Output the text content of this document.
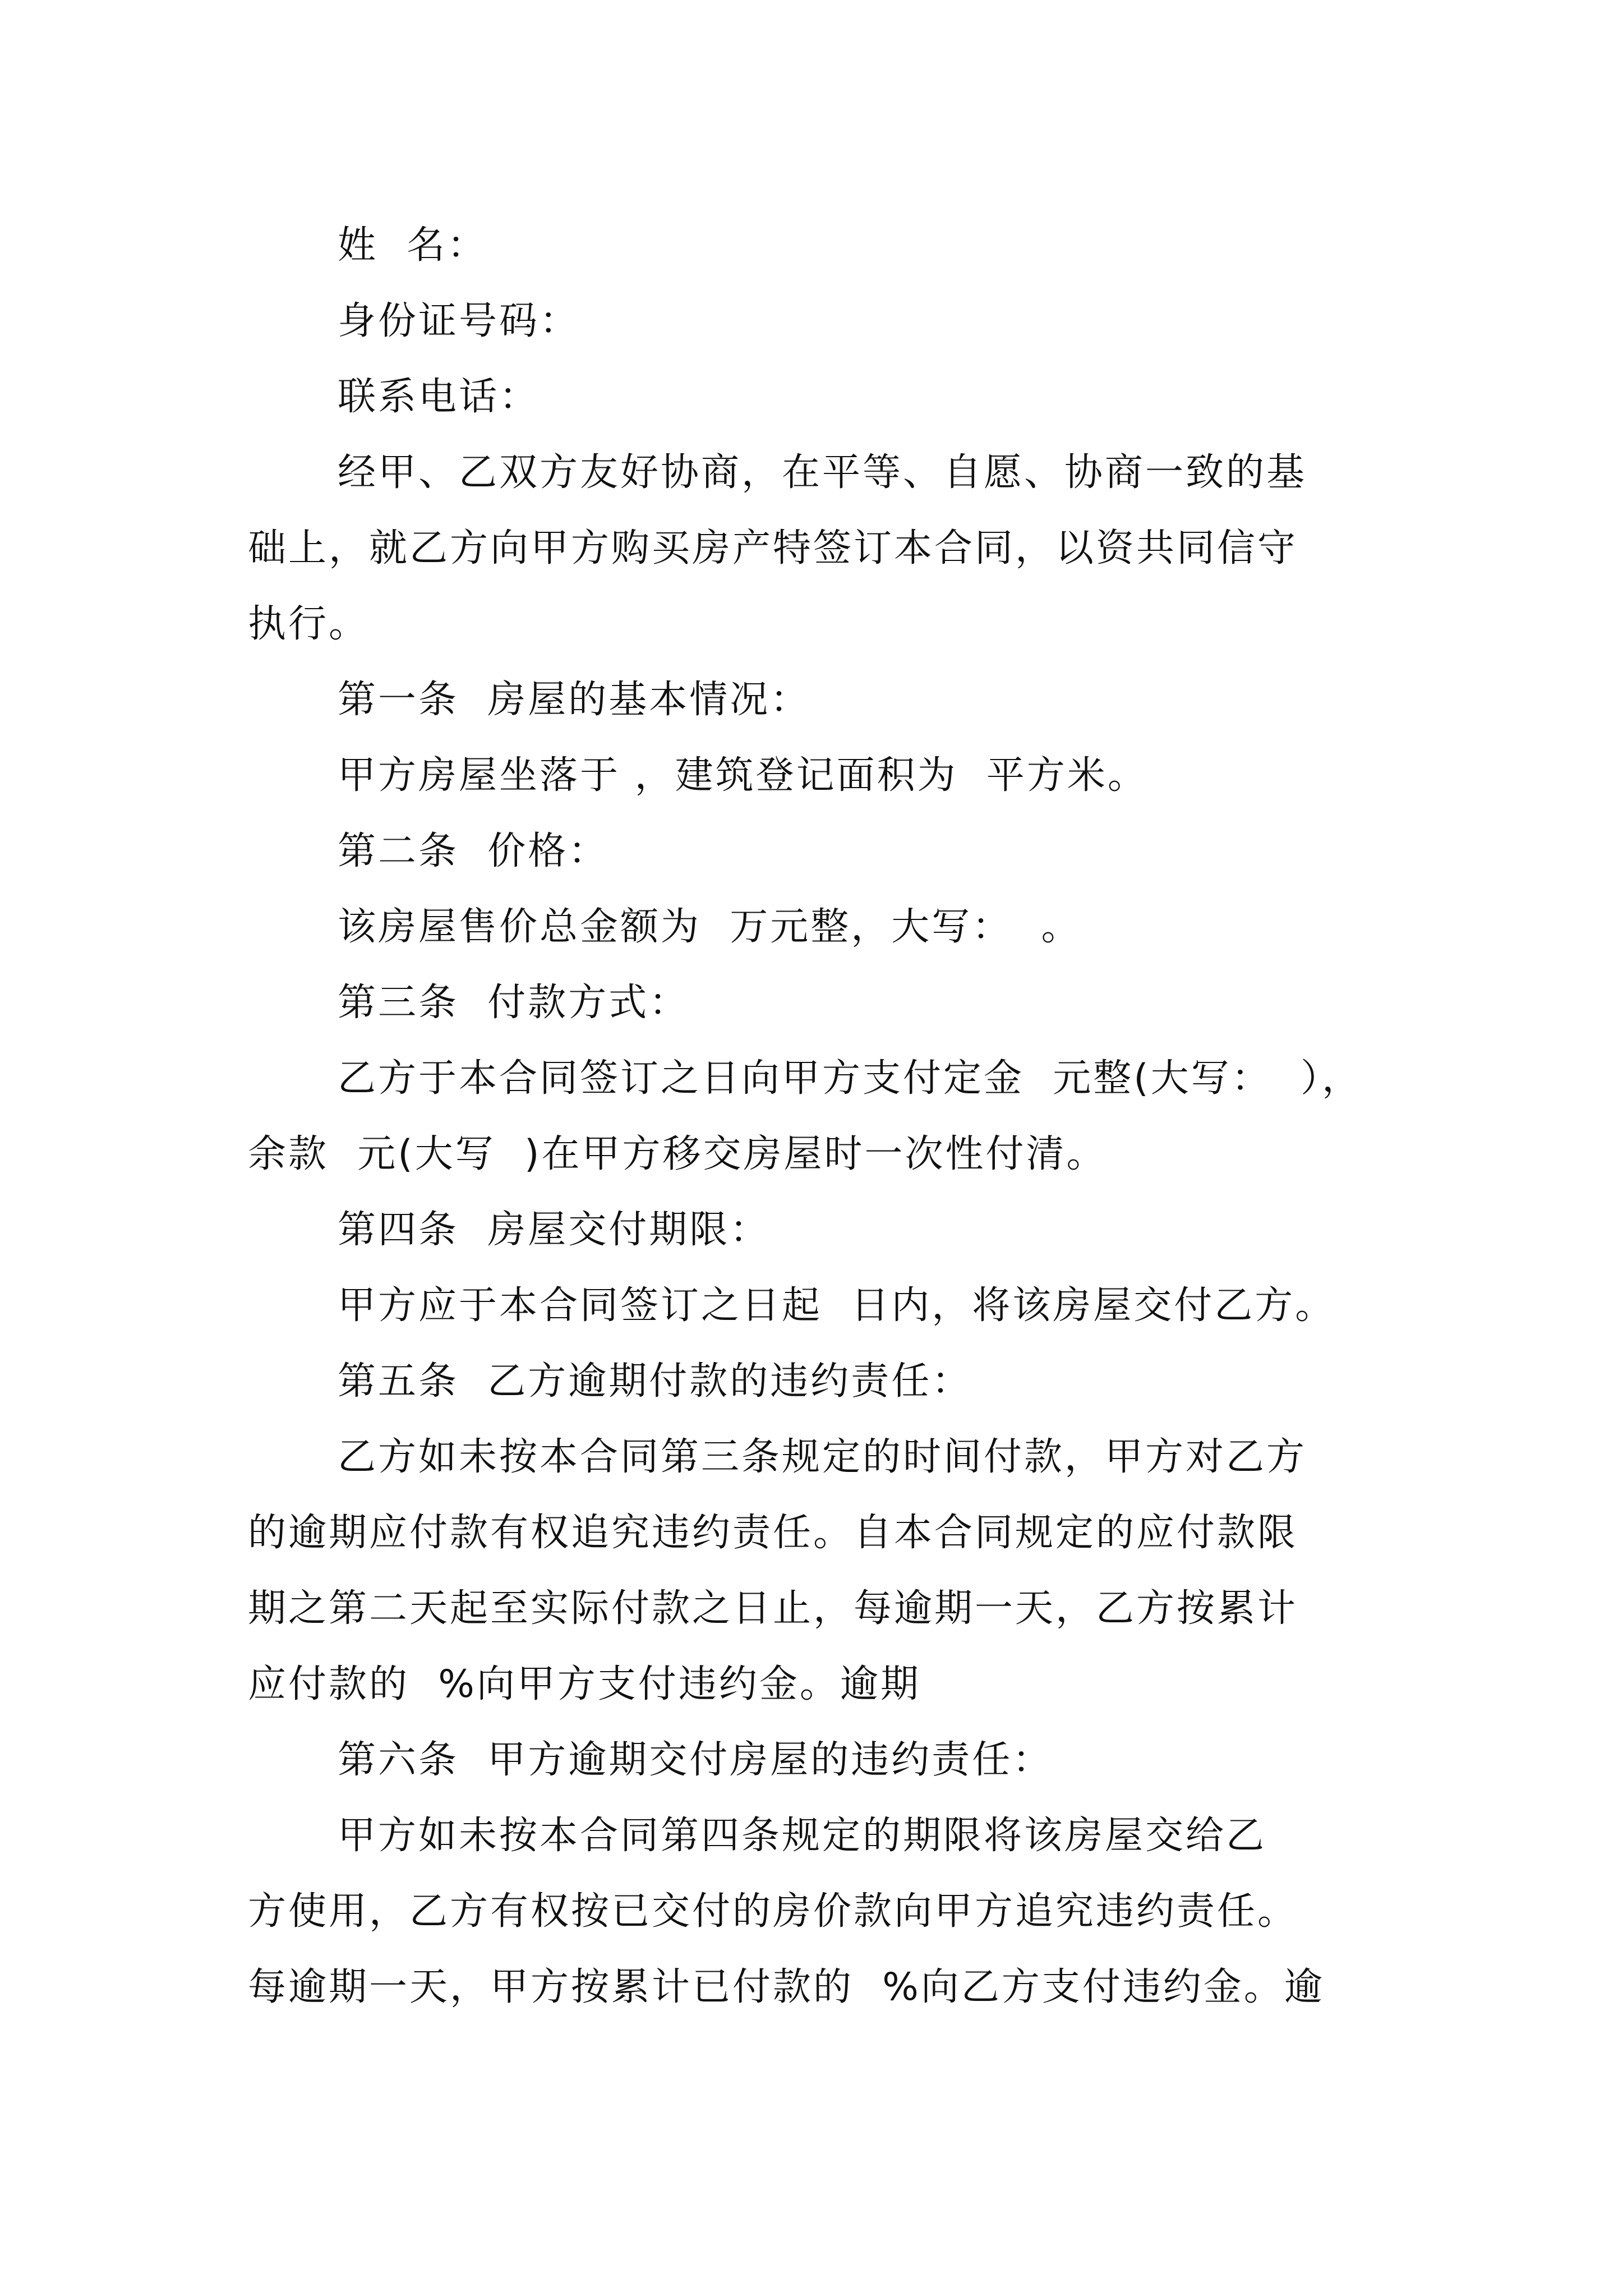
姓  名：
身份证号码：
联系电话：
经甲、乙双方友好协商，在平等、自愿、协商一致的基
础上，就乙方向甲方购买房产特签订本合同，以资共同信守
执行。
第一条  房屋的基本情况：
甲方房屋坐落于 ，建筑登记面积为  平方米。
第二条  价格：
该房屋售价总金额为  万元整，大写：  。
第三条  付款方式：
乙方于本合同签订之日向甲方支付定金  元整(大写：  ），
余款  元(大写  )在甲方移交房屋时一次性付清。
第四条  房屋交付期限：
甲方应于本合同签订之日起  日内，将该房屋交付乙方。
第五条  乙方逾期付款的违约责任：
乙方如未按本合同第三条规定的时间付款，甲方对乙方
的逾期应付款有权追究违约责任。自本合同规定的应付款限
期之第二天起至实际付款之日止，每逾期一天，乙方按累计
应付款的  %向甲方支付违约金。逾期
第六条  甲方逾期交付房屋的违约责任：
甲方如未按本合同第四条规定的期限将该房屋交给乙
方使用，乙方有权按已交付的房价款向甲方追究违约责任。
每逾期一天，甲方按累计已付款的  %向乙方支付违约金。逾
